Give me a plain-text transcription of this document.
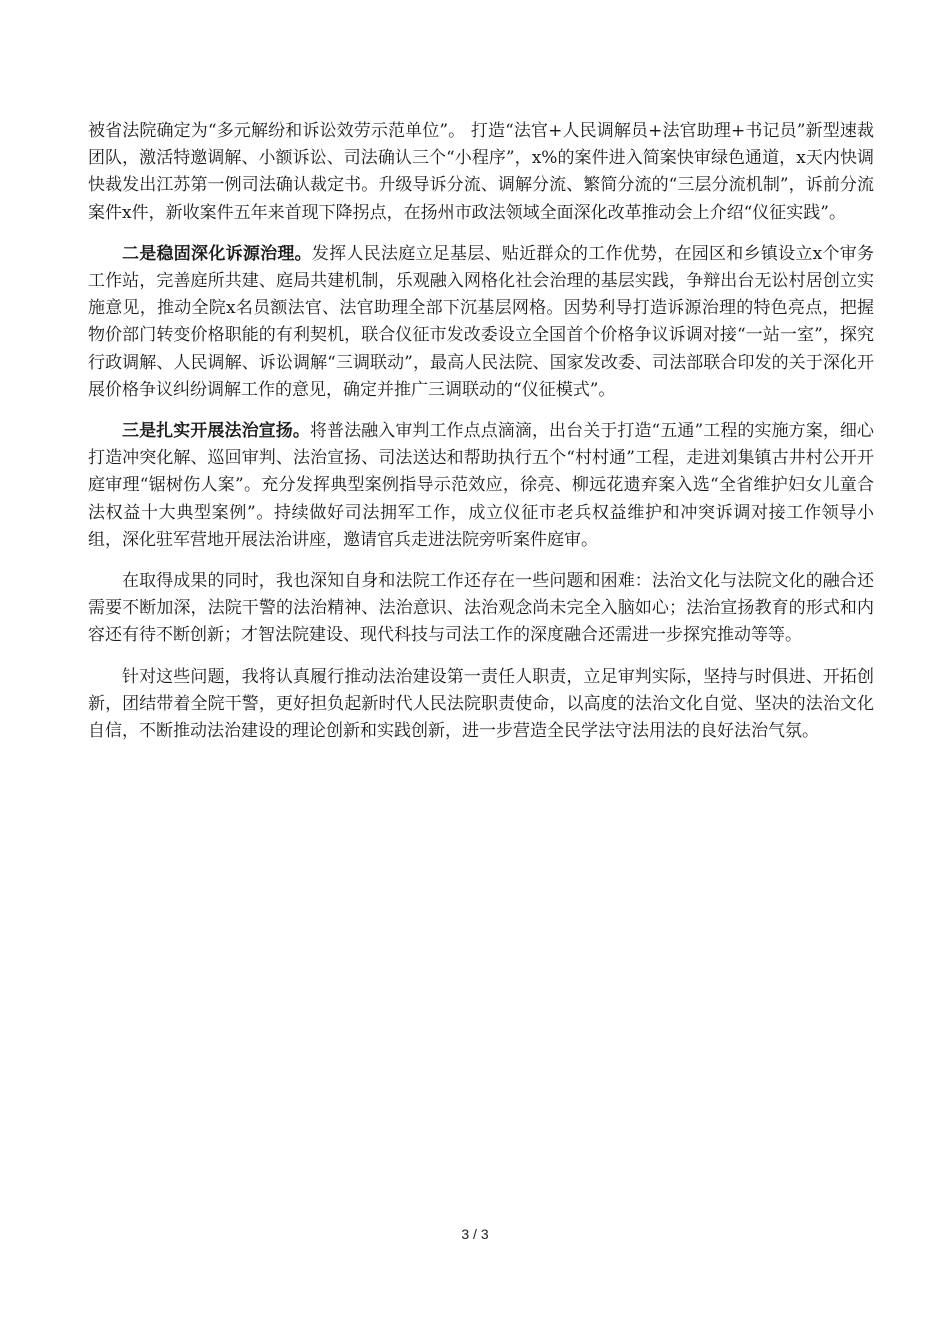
被省法院确定为“多元解纷和诉讼效劳示范单位”。 打造“法官+人民调解员+法官助理+书记员”新型速裁团队，激活特邀调解、小额诉讼、司法确认三个“小程序”，x%的案件进入简案快审绿色通道，x天内快调快裁发出江苏第一例司法确认裁定书。升级导诉分流、调解分流、繁简分流的“三层分流机制”，诉前分流案件x件，新收案件五年来首现下降拐点，在扬州市政法领域全面深化改革推动会上介绍“仪征实践”。

二是稳固深化诉源治理。发挥人民法庭立足基层、贴近群众的工作优势，在园区和乡镇设立x个审务工作站，完善庭所共建、庭局共建机制，乐观融入网格化社会治理的基层实践，争辩出台无讼村居创立实施意见，推动全院x名员额法官、法官助理全部下沉基层网格。因势利导打造诉源治理的特色亮点，把握物价部门转变价格职能的有利契机，联合仪征市发改委设立全国首个价格争议诉调对接“一站一室”，探究行政调解、人民调解、诉讼调解“三调联动”，最高人民法院、国家发改委、司法部联合印发的关于深化开展价格争议纠纷调解工作的意见，确定并推广三调联动的“仪征模式”。

三是扎实开展法治宣扬。将普法融入审判工作点点滴滴，出台关于打造“五通”工程的实施方案，细心打造冲突化解、巡回审判、法治宣扬、司法送达和帮助执行五个“村村通”工程，走进刘集镇古井村公开开庭审理“锯树伤人案”。充分发挥典型案例指导示范效应，徐亮、柳远花遗弃案入选“全省维护妇女儿童合法权益十大典型案例”。持续做好司法拥军工作，成立仪征市老兵权益维护和冲突诉调对接工作领导小组，深化驻军营地开展法治讲座，邀请官兵走进法院旁听案件庭审。

在取得成果的同时，我也深知自身和法院工作还存在一些问题和困难：法治文化与法院文化的融合还需要不断加深，法院干警的法治精神、法治意识、法治观念尚未完全入脑如心；法治宣扬教育的形式和内容还有待不断创新；才智法院建设、现代科技与司法工作的深度融合还需进一步探究推动等等。

针对这些问题，我将认真履行推动法治建设第一责任人职责，立足审判实际，坚持与时俱进、开拓创新，团结带着全院干警，更好担负起新时代人民法院职责使命，以高度的法治文化自觉、坚决的法治文化自信，不断推动法治建设的理论创新和实践创新，进一步营造全民学法守法用法的良好法治气氛。

3 / 3
